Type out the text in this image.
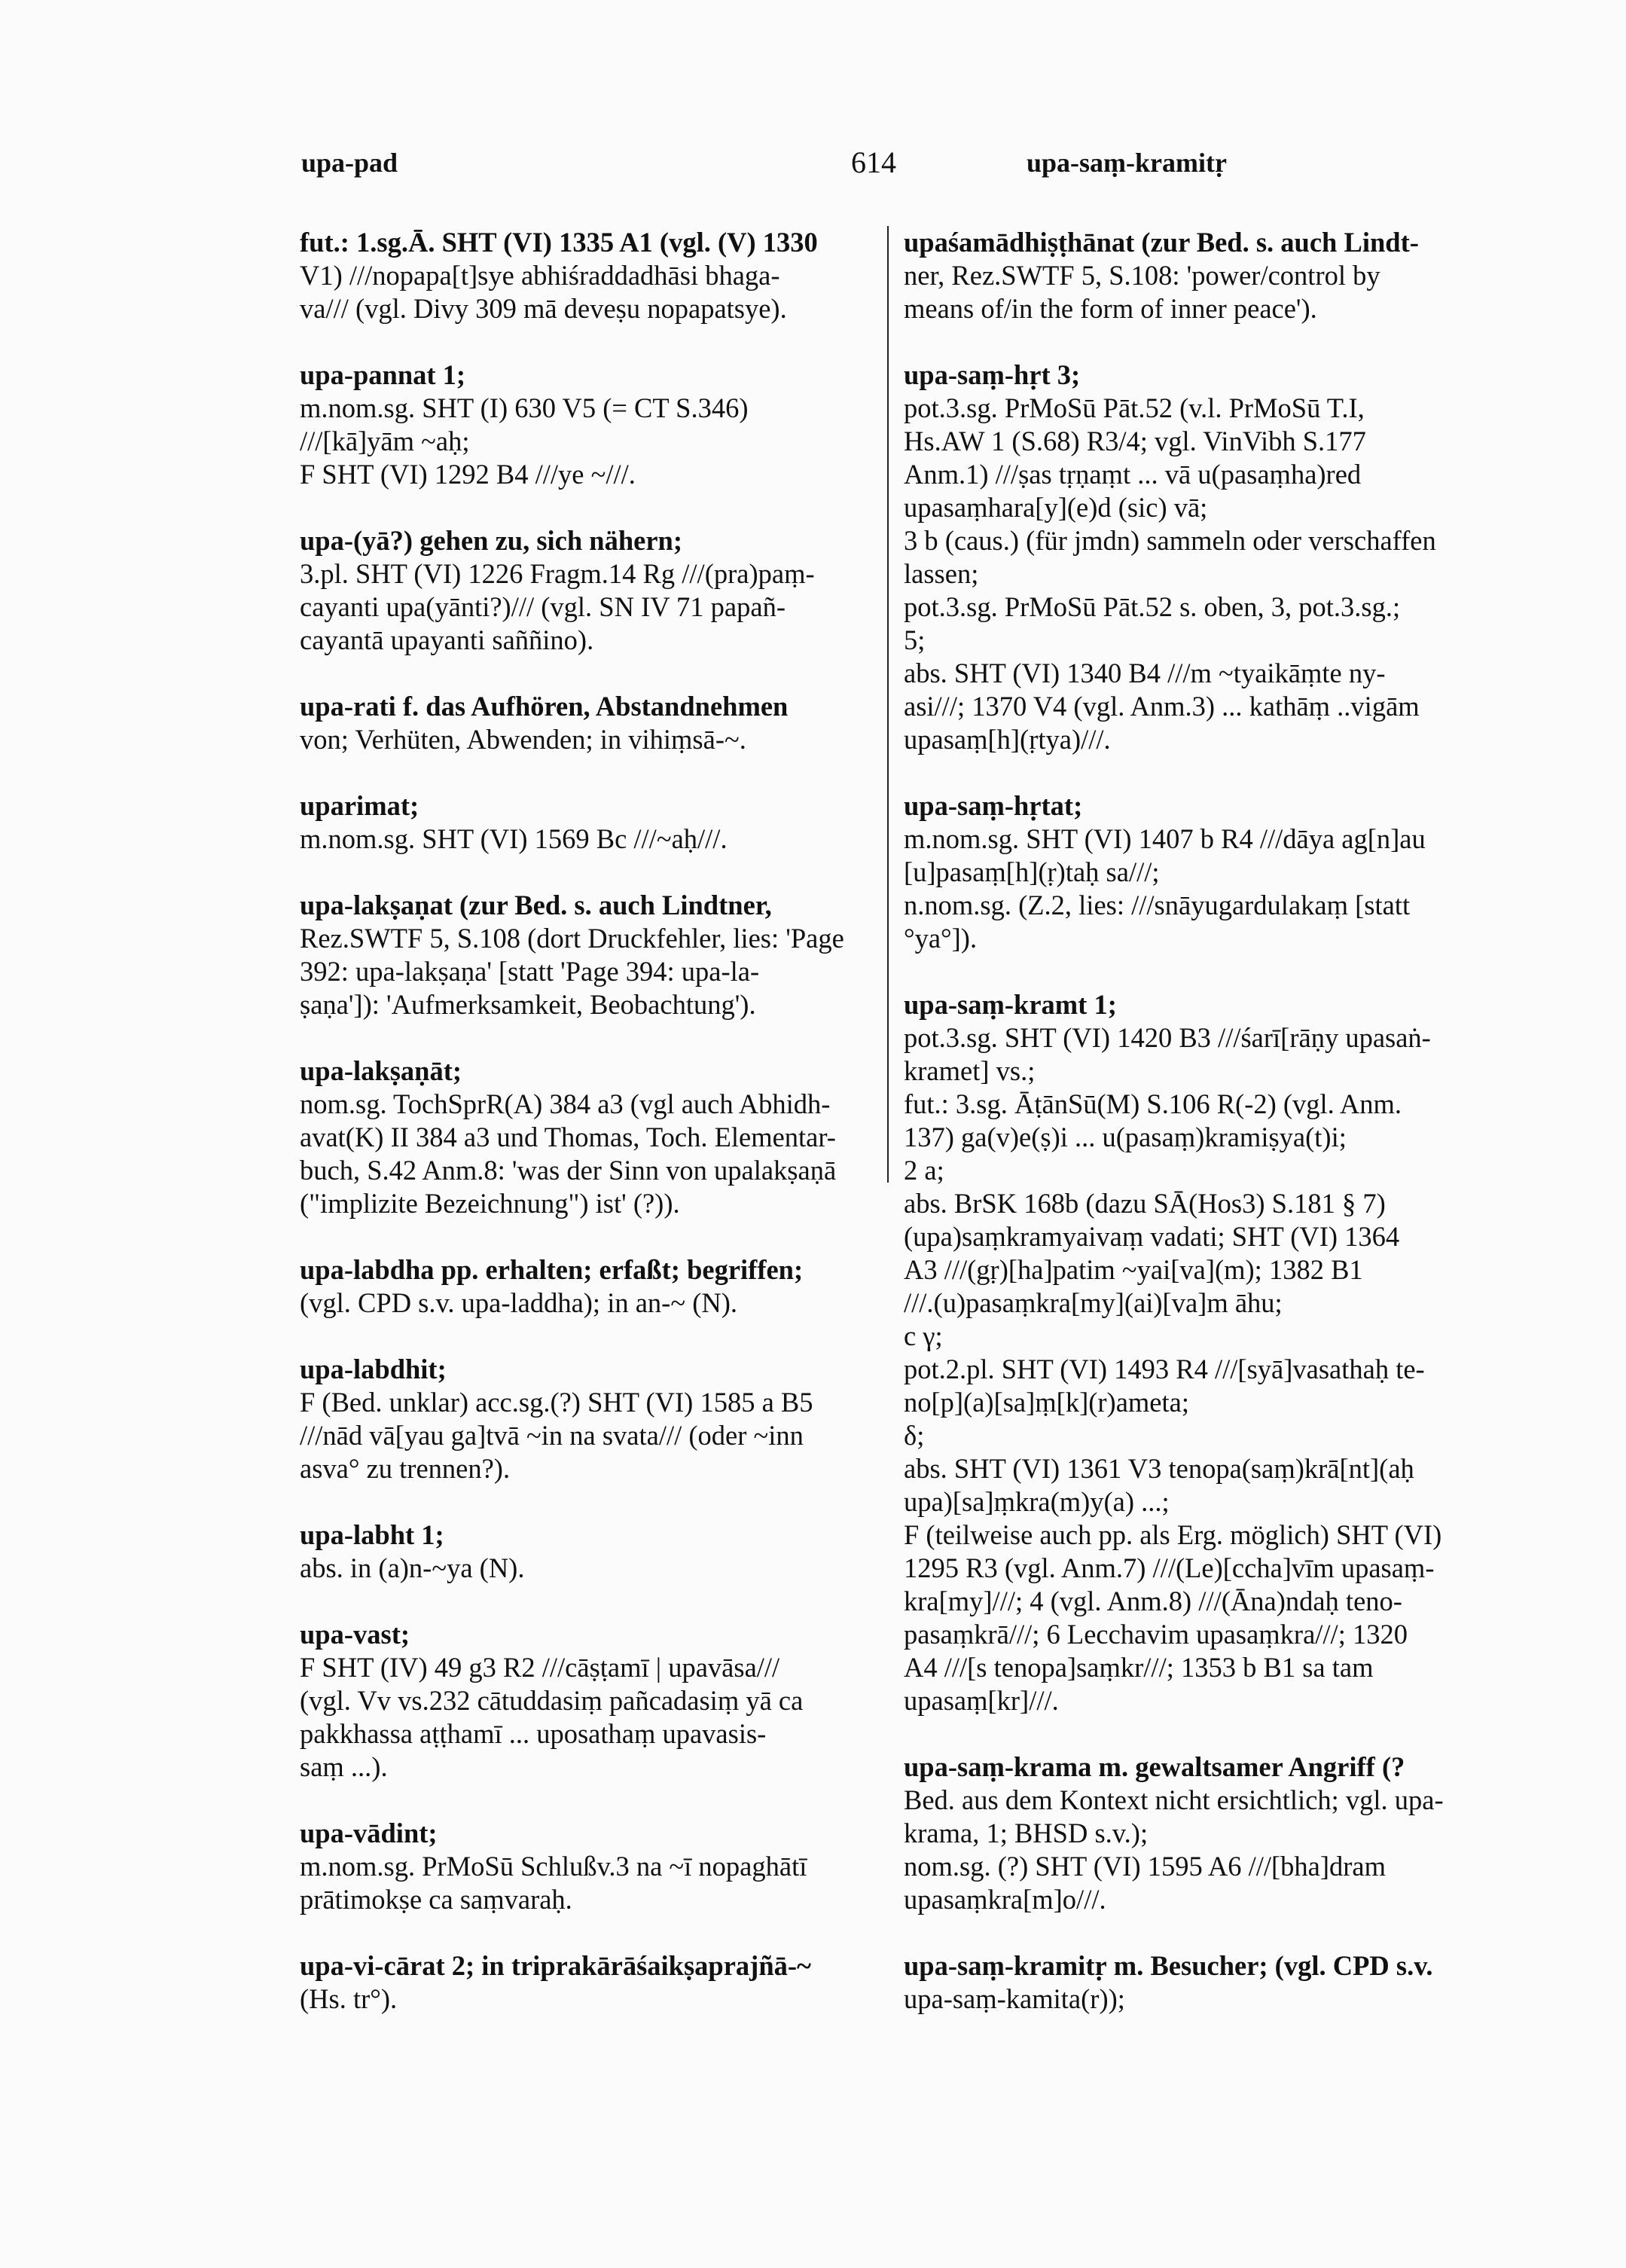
upa-pad	614	upa-saṃ-kramitṛ

fut.: 1.sg.Ā. SHT (VI) 1335 A1 (vgl. (V) 1330

V1) ///nopapa[t]sye abhiśraddadhāsi bhaga-

va/// (vgl. Divy 309 mā deveṣu nopapatsye).

upa-pannat 1;

m.nom.sg. SHT (I) 630 V5 (= CT S.346)

///[kā]yām ~aḥ;

F SHT (VI) 1292 B4 ///ye ~///.

upa-(yā?) gehen zu, sich nähern;

3.pl. SHT (VI) 1226 Fragm.14 Rg ///(pra)paṃ-

cayanti upa(yānti?)/// (vgl. SN IV 71 papañ-

cayantā upayanti saññino).

upa-rati f. das Aufhören, Abstandnehmen

von; Verhüten, Abwenden; in vihiṃsā-~.

uparimat;

m.nom.sg. SHT (VI) 1569 Bc ///~aḥ///.

upa-lakṣaṇat (zur Bed. s. auch Lindtner,

Rez.SWTF 5, S.108 (dort Druckfehler, lies: 'Page

392: upa-lakṣaṇa' [statt 'Page 394: upa-la-

ṣaṇa']): 'Aufmerksamkeit, Beobachtung').

upa-lakṣaṇāt;

nom.sg. TochSprR(A) 384 a3 (vgl auch Abhidh-

avat(K) II 384 a3 und Thomas, Toch. Elementar-

buch, S.42 Anm.8: 'was der Sinn von upalakṣaṇā

("implizite Bezeichnung") ist' (?)).

upa-labdha pp. erhalten; erfaßt; begriffen;

(vgl. CPD s.v. upa-laddha); in an-~ (N).

upa-labdhit;

F (Bed. unklar) acc.sg.(?) SHT (VI) 1585 a B5

///nād vā[yau ga]tvā ~in na svata/// (oder ~inn

asva° zu trennen?).

upa-labht 1;

abs. in (a)n-~ya (N).

upa-vast;

F SHT (IV) 49 g3 R2 ///cāṣṭamī | upavāsa///

(vgl. Vv vs.232 cātuddasiṃ pañcadasiṃ yā ca

pakkhassa aṭṭhamī ... uposathaṃ upavasis-

saṃ ...).

upa-vādint;

m.nom.sg. PrMoSū Schlußv.3 na ~ī nopaghātī

prātimokṣe ca saṃvaraḥ.

upa-vi-cārat 2; in triprakārāśaikṣaprajñā-~

(Hs. tr°).

upaśamādhiṣṭhānat (zur Bed. s. auch Lindt-

ner, Rez.SWTF 5, S.108: 'power/control by

means of/in the form of inner peace').

upa-saṃ-hṛt 3;

pot.3.sg. PrMoSū Pāt.52 (v.l. PrMoSū T.I,

Hs.AW 1 (S.68) R3/4; vgl. VinVibh S.177

Anm.1) ///ṣas tṛṇaṃt ... vā u(pasaṃha)red

upasaṃhara[y](e)d (sic) vā;

3 b (caus.) (für jmdn) sammeln oder verschaffen

lassen;

pot.3.sg. PrMoSū Pāt.52 s. oben, 3, pot.3.sg.;

5;

abs. SHT (VI) 1340 B4 ///m ~tyaikāṃte ny-

asi///; 1370 V4 (vgl. Anm.3) ... kathāṃ ..vigām

upasaṃ[h](ṛtya)///.

upa-saṃ-hṛtat;

m.nom.sg. SHT (VI) 1407 b R4 ///dāya ag[n]au

[u]pasaṃ[h](ṛ)taḥ sa///;

n.nom.sg. (Z.2, lies: ///snāyugardulakaṃ [statt

°ya°]).

upa-saṃ-kramt 1;

pot.3.sg. SHT (VI) 1420 B3 ///śarī[rāṇy upasaṅ-

kramet] vs.;

fut.: 3.sg. ĀṭānSū(M) S.106 R(-2) (vgl. Anm.

137) ga(v)e(ṣ)i ... u(pasaṃ)kramiṣya(t)i;

2 a;

abs. BrSK 168b (dazu SĀ(Hos3) S.181 § 7)

(upa)saṃkramyaivaṃ vadati; SHT (VI) 1364

A3 ///(gṛ)[ha]patim ~yai[va](m); 1382 B1

///.(u)pasaṃkra[my](ai)[va]m āhu;

c γ;

pot.2.pl. SHT (VI) 1493 R4 ///[syā]vasathaḥ te-

no[p](a)[sa]ṃ[k](r)ameta;

δ;

abs. SHT (VI) 1361 V3 tenopa(saṃ)krā[nt](aḥ

upa)[sa]ṃkra(m)y(a) ...;

F (teilweise auch pp. als Erg. möglich) SHT (VI)

1295 R3 (vgl. Anm.7) ///(Le)[ccha]vīm upasaṃ-

kra[my]///; 4 (vgl. Anm.8) ///(Āna)ndaḥ teno-

pasaṃkrā///; 6 Lecchavim upasaṃkra///; 1320

A4 ///[s tenopa]saṃkr///; 1353 b B1 sa tam

upasaṃ[kr]///.

upa-saṃ-krama m. gewaltsamer Angriff (?

Bed. aus dem Kontext nicht ersichtlich; vgl. upa-

krama, 1; BHSD s.v.);

nom.sg. (?) SHT (VI) 1595 A6 ///[bha]dram

upasaṃkra[m]o///.

upa-saṃ-kramitṛ m. Besucher; (vgl. CPD s.v.

upa-saṃ-kamita(r));
